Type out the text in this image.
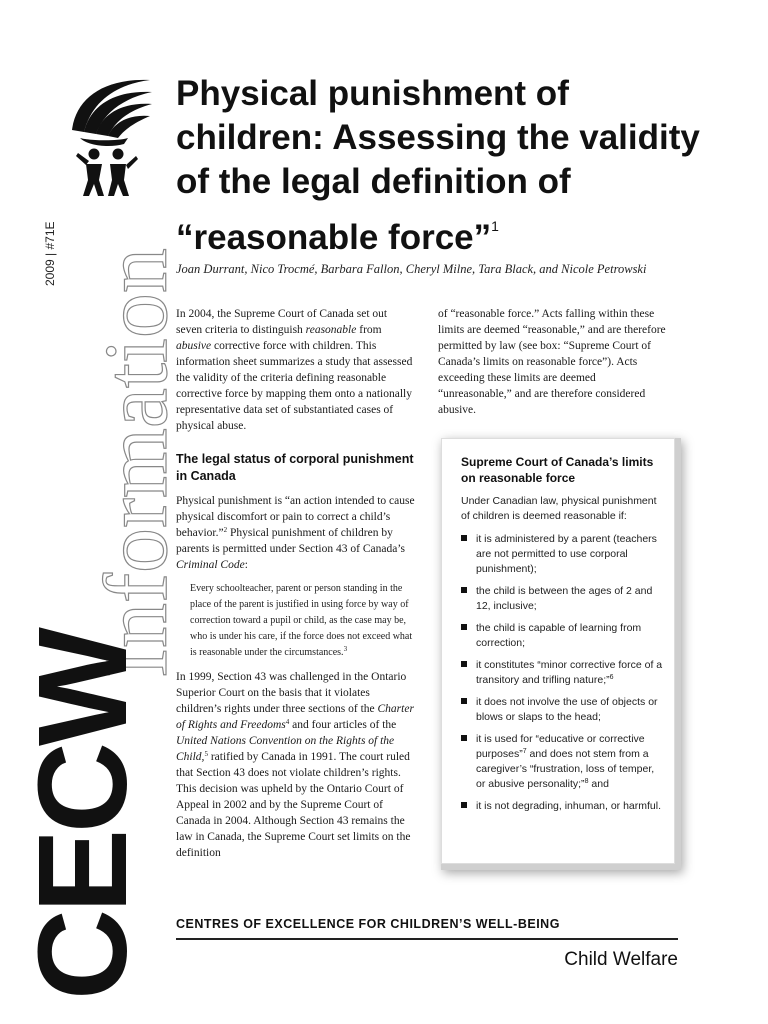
2009 | #71E Information
CECW
Physical punishment of children: Assessing the validity of the legal definition of “reasonable force”$^1$

Joan Durrant, Nico Trocmé, Barbara Fallon, Cheryl Milne, Tara Black, and Nicole Petrowski

In 2004, the Supreme Court of Canada set out seven criteria to distinguish reasonable from abusive corrective force with children. This information sheet summarizes a study that assessed the validity of the criteria defining reasonable corrective force by mapping them onto a nationally representative data set of substantiated cases of physical abuse.

The legal status of corporal punishment in Canada

Physical punishment is “an action intended to cause physical discomfort or pain to correct a child’s behavior.”$^2$ Physical punishment of children by parents is permitted under Section 43 of Canada’s Criminal Code:

Every schoolteacher, parent or person standing in the place of the parent is justified in using force by way of correction toward a pupil or child, as the case may be, who is under his care, if the force does not exceed what is reasonable under the circumstances.$^3$

In 1999, Section 43 was challenged in the Ontario Superior Court on the basis that it violates children’s rights under three sections of the Charter of Rights and Freedoms$^4$ and four articles of the United Nations Convention on the Rights of the Child,$^5$ ratified by Canada in 1991. The court ruled that Section 43 does not violate children’s rights. This decision was upheld by the Ontario Court of Appeal in 2002 and by the Supreme Court of Canada in 2004. Although Section 43 remains the law in Canada, the Supreme Court set limits on the definition

of “reasonable force.” Acts falling within these limits are deemed “reasonable,” and are therefore permitted by law (see box: “Supreme Court of Canada’s limits on reasonable force”). Acts exceeding these limits are deemed “unreasonable,” and are therefore considered abusive.

Supreme Court of Canada’s limits on reasonable force

Under Canadian law, physical punishment of children is deemed reasonable if:

it is administered by a parent (teachers are not permitted to use corporal punishment);
the child is between the ages of 2 and 12, inclusive;
the child is capable of learning from correction;
it constitutes “minor corrective force of a transitory and trifling nature;”$^6$
it does not involve the use of objects or blows or slaps to the head;
it is used for “educative or corrective purposes”$^7$ and does not stem from a caregiver’s “frustration, loss of temper, or abusive personality;”$^8$ and
it is not degrading, inhuman, or harmful.

CENTRES OF EXCELLENCE FOR CHILDREN’S WELL-BEING

Child Welfare
